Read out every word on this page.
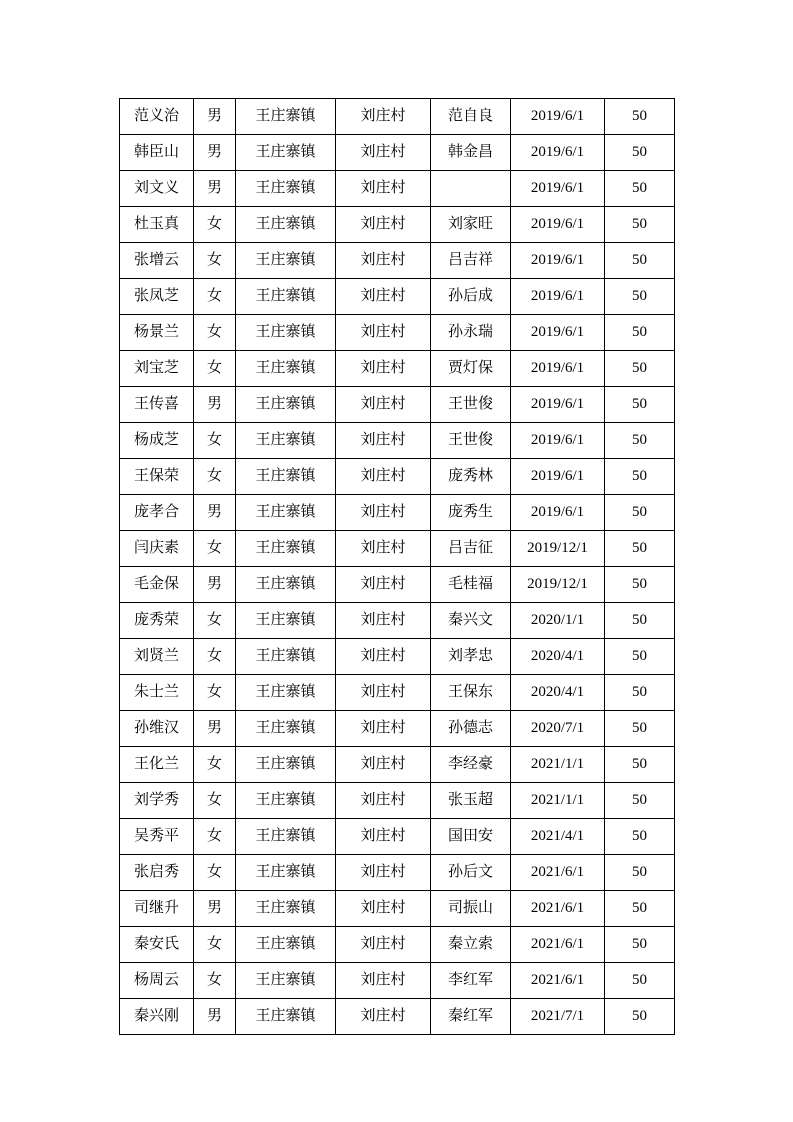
范义治	男	王庄寨镇	刘庄村	范自良	2019/6/1	50
韩臣山	男	王庄寨镇	刘庄村	韩金昌	2019/6/1	50
刘文义	男	王庄寨镇	刘庄村		2019/6/1	50
杜玉真	女	王庄寨镇	刘庄村	刘家旺	2019/6/1	50
张增云	女	王庄寨镇	刘庄村	吕吉祥	2019/6/1	50
张凤芝	女	王庄寨镇	刘庄村	孙后成	2019/6/1	50
杨景兰	女	王庄寨镇	刘庄村	孙永瑞	2019/6/1	50
刘宝芝	女	王庄寨镇	刘庄村	贾灯保	2019/6/1	50
王传喜	男	王庄寨镇	刘庄村	王世俊	2019/6/1	50
杨成芝	女	王庄寨镇	刘庄村	王世俊	2019/6/1	50
王保荣	女	王庄寨镇	刘庄村	庞秀林	2019/6/1	50
庞孝合	男	王庄寨镇	刘庄村	庞秀生	2019/6/1	50
闫庆素	女	王庄寨镇	刘庄村	吕吉征	2019/12/1	50
毛金保	男	王庄寨镇	刘庄村	毛桂福	2019/12/1	50
庞秀荣	女	王庄寨镇	刘庄村	秦兴文	2020/1/1	50
刘贤兰	女	王庄寨镇	刘庄村	刘孝忠	2020/4/1	50
朱士兰	女	王庄寨镇	刘庄村	王保东	2020/4/1	50
孙维汉	男	王庄寨镇	刘庄村	孙德志	2020/7/1	50
王化兰	女	王庄寨镇	刘庄村	李经豪	2021/1/1	50
刘学秀	女	王庄寨镇	刘庄村	张玉超	2021/1/1	50
吴秀平	女	王庄寨镇	刘庄村	国田安	2021/4/1	50
张启秀	女	王庄寨镇	刘庄村	孙后文	2021/6/1	50
司继升	男	王庄寨镇	刘庄村	司振山	2021/6/1	50
秦安氏	女	王庄寨镇	刘庄村	秦立索	2021/6/1	50
杨周云	女	王庄寨镇	刘庄村	李红军	2021/6/1	50
秦兴刚	男	王庄寨镇	刘庄村	秦红军	2021/7/1	50
